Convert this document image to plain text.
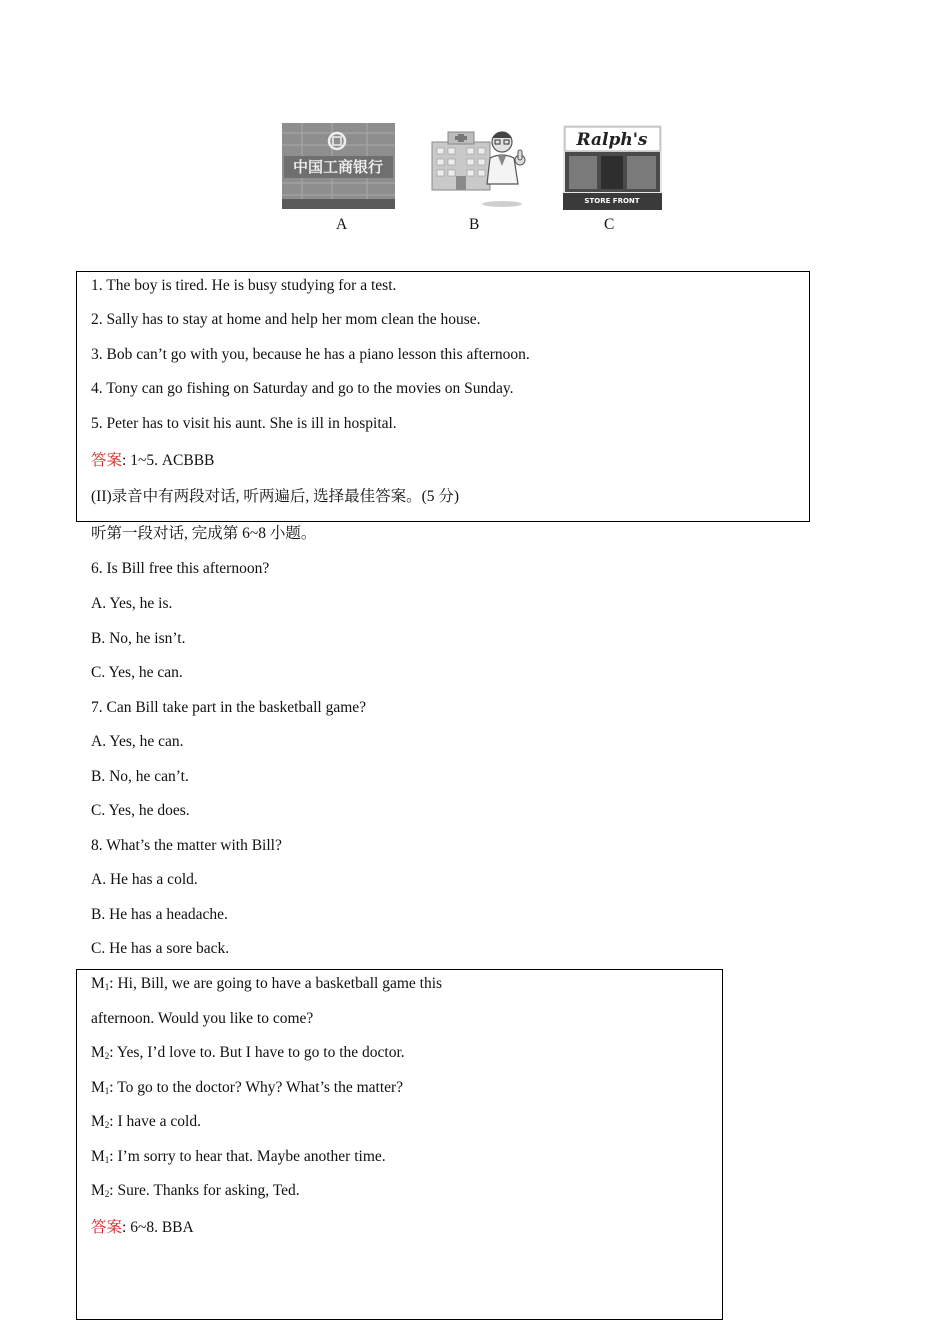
中国工商银行
A	B
Ralph's
STORE FRONT
C
1. The boy is tired. He is busy studying for a test.
2. Sally has to stay at home and help her mom clean the house.
3. Bob can’t go with you, because he has a piano lesson this afternoon.
4. Tony can go fishing on Saturday and go to the movies on Sunday.
5. Peter has to visit his aunt. She is ill in hospital.
答案: 1~5. ACBBB
(II)录音中有两段对话, 听两遍后, 选择最佳答案。(5 分)
听第一段对话, 完成第 6~8 小题。
6. Is Bill free this afternoon?
A. Yes, he is.
B. No, he isn’t.
C. Yes, he can.
7. Can Bill take part in the basketball game?
A. Yes, he can.
B. No, he can’t.
C. Yes, he does.
8. What’s the matter with Bill?
A. He has a cold.
B. He has a headache.
C. He has a sore back.
$M_1$: Hi, Bill, we are going to have a basketball game this
afternoon. Would you like to come?
$M_2$: Yes, I’d love to. But I have to go to the doctor.
$M_1$: To go to the doctor? Why? What’s the matter?
$M_2$: I have a cold.
$M_1$: I’m sorry to hear that. Maybe another time.
$M_2$: Sure. Thanks for asking, Ted.
答案: 6~8. BBA
